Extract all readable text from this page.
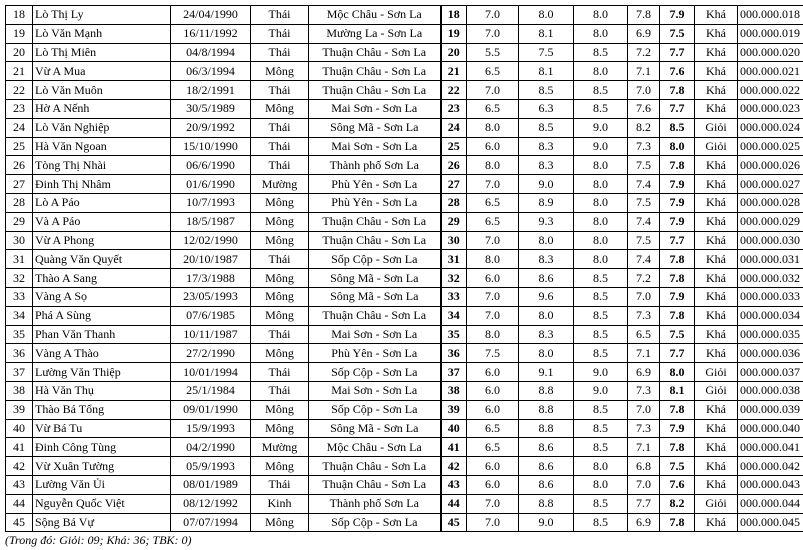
18	Lò Thị Ly	24/04/1990	Thái	Mộc Châu - Sơn La	18	7.0	8.0	8.0	7.8	7.9	Khá	000.000.018
19	Lò Văn Mạnh	16/11/1992	Thái	Mường La - Sơn La	19	7.0	8.1	8.0	6.9	7.5	Khá	000.000.019
20	Lò Thị Miên	04/8/1994	Thái	Thuận Châu - Sơn La	20	5.5	7.5	8.5	7.2	7.7	Khá	000.000.020
21	Vừ A Mua	06/3/1994	Mông	Thuận Châu - Sơn La	21	6.5	8.1	8.0	7.1	7.6	Khá	000.000.021
22	Lò Văn Muôn	18/2/1991	Thái	Thuận Châu - Sơn La	22	7.0	8.5	8.5	7.0	7.8	Khá	000.000.022
23	Hờ A Nếnh	30/5/1989	Mông	Mai Sơn - Sơn La	23	6.5	6.3	8.5	7.6	7.7	Khá	000.000.023
24	Lò Văn Nghiệp	20/9/1992	Thái	Sông Mã - Sơn La	24	8.0	8.5	9.0	8.2	8.5	Giỏi	000.000.024
25	Hà Văn Ngoan	15/10/1990	Thái	Mai Sơn - Sơn La	25	6.0	8.3	9.0	7.3	8.0	Giỏi	000.000.025
26	Tòng Thị Nhài	06/6/1990	Thái	Thành phố Sơn La	26	8.0	8.3	8.0	7.5	7.8	Khá	000.000.026
27	Đinh Thị Nhâm	01/6/1990	Mường	Phù Yên - Sơn La	27	7.0	9.0	8.0	7.4	7.9	Khá	000.000.027
28	Lò A Páo	10/7/1993	Mông	Phù Yên - Sơn La	28	6.5	8.9	8.0	7.5	7.9	Khá	000.000.028
29	Và A Páo	18/5/1987	Mông	Thuận Châu - Sơn La	29	6.5	9.3	8.0	7.4	7.9	Khá	000.000.029
30	Vừ A Phong	12/02/1990	Mông	Thuận Châu - Sơn La	30	7.0	8.0	8.0	7.5	7.7	Khá	000.000.030
31	Quàng Văn Quyết	20/10/1987	Thái	Sốp Cộp - Sơn La	31	8.0	8.3	8.0	7.4	7.8	Khá	000.000.031
32	Thào A Sang	17/3/1988	Mông	Sông Mã - Sơn La	32	6.0	8.6	8.5	7.2	7.8	Khá	000.000.032
33	Vàng A Sọ	23/05/1993	Mông	Sông Mã - Sơn La	33	7.0	9.6	8.5	7.0	7.9	Khá	000.000.033
34	Phá A Sùng	07/6/1985	Mông	Thuận Châu - Sơn La	34	7.0	8.0	8.5	7.3	7.8	Khá	000.000.034
35	Phan Văn Thanh	10/11/1987	Thái	Mai Sơn - Sơn La	35	8.0	8.3	8.5	6.5	7.5	Khá	000.000.035
36	Vàng A Thào	27/2/1990	Mông	Phù Yên - Sơn La	36	7.5	8.0	8.5	7.1	7.7	Khá	000.000.036
37	Lường Văn Thiệp	10/01/1994	Thái	Sốp Cộp - Sơn La	37	6.0	9.1	9.0	6.9	8.0	Giỏi	000.000.037
38	Hà Văn Thụ	25/1/1984	Thái	Mai Sơn - Sơn La	38	6.0	8.8	9.0	7.3	8.1	Giỏi	000.000.038
39	Thào Bá Tổng	09/01/1990	Mông	Sốp Cộp - Sơn La	39	6.0	8.8	8.5	7.0	7.8	Khá	000.000.039
40	Vừ Bá Tu	15/9/1993	Mông	Sông Mã - Sơn La	40	6.5	8.8	8.5	7.3	7.9	Khá	000.000.040
41	Đinh Công Tùng	04/2/1990	Mường	Mộc Châu - Sơn La	41	6.5	8.6	8.5	7.1	7.8	Khá	000.000.041
42	Vừ Xuân Tường	05/9/1993	Mông	Thuận Châu - Sơn La	42	6.0	8.6	8.0	6.8	7.5	Khá	000.000.042
43	Lường Văn Ủi	08/01/1989	Thái	Thuận Châu - Sơn La	43	6.0	8.6	8.0	7.0	7.6	Khá	000.000.043
44	Nguyễn Quốc Việt	08/12/1992	Kinh	Thành phố Sơn La	44	7.0	8.8	8.5	7.7	8.2	Giỏi	000.000.044
45	Sộng Bá Vự	07/07/1994	Mông	Sốp Cộp - Sơn La	45	7.0	9.0	8.5	6.9	7.8	Khá	000.000.045
(Trong đó: Giỏi: 09; Khá: 36; TBK: 0)
